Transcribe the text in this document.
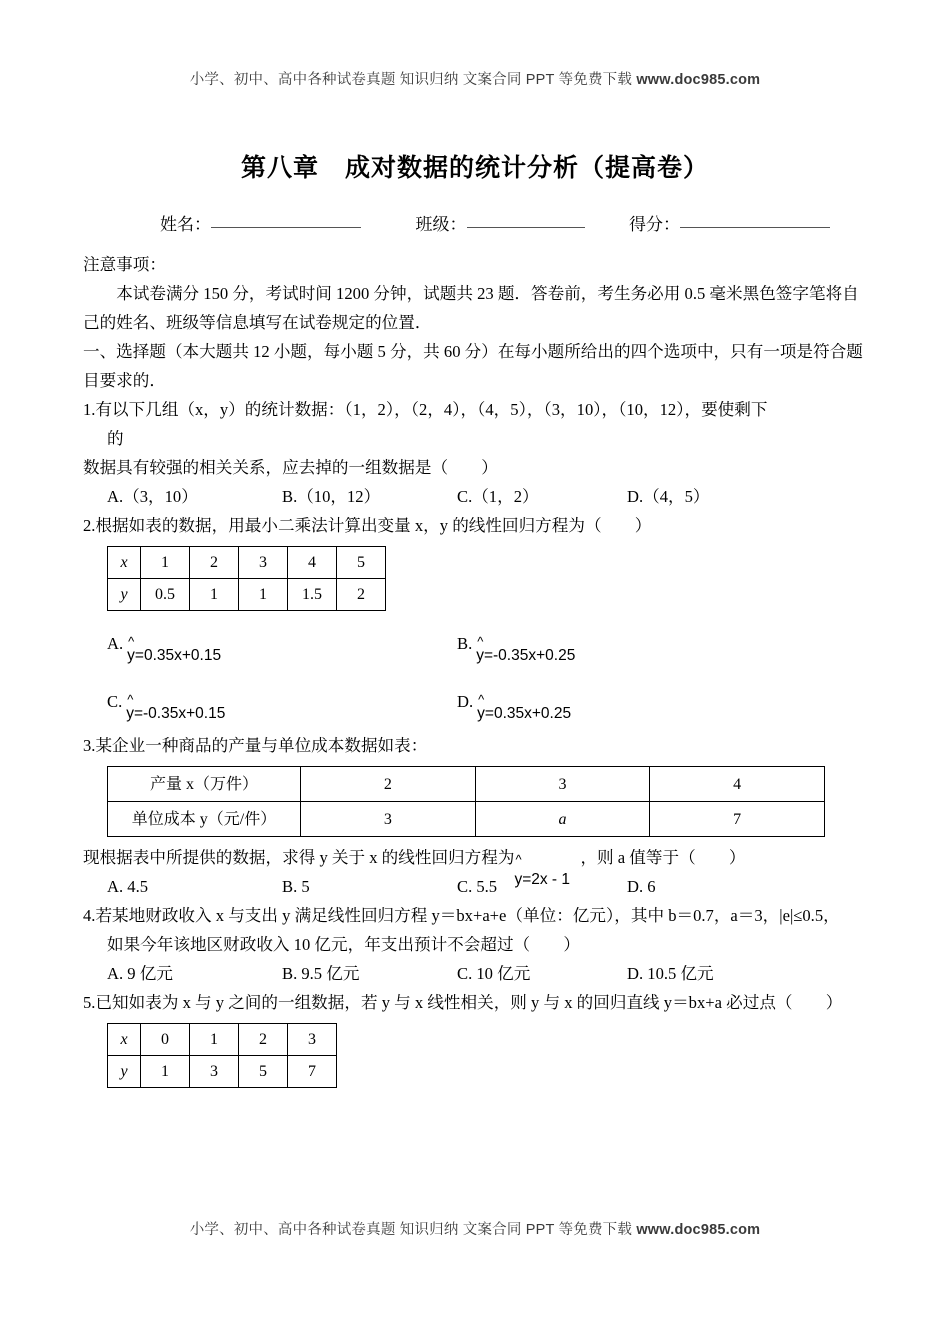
小学、初中、高中各种试卷真题 知识归纳 文案合同 PPT 等免费下载 www.doc985.com
第八章　成对数据的统计分析（提高卷）
姓名：	班级：	得分：

注意事项：

本试卷满分 150 分，考试时间 1200 分钟，试题共 23 题．答卷前，考生务必用 0.5 毫米黑色签字笔将自己的姓名、班级等信息填写在试卷规定的位置．

一、选择题（本大题共 12 小题，每小题 5 分，共 60 分）在每小题所给出的四个选项中，只有一项是符合题目要求的．

1.有以下几组（x，y）的统计数据：（1，2），（2，4），（4，5），（3，10），（10，12），要使剩下

的

数据具有较强的相关关系，应去掉的一组数据是（　　）

A.（3，10）	B.（10，12）	C.（1，2）	D.（4，5）

2.根据如表的数据，用最小二乘法计算出变量 x，y 的线性回归方程为（　　）

x	1	2	3	4	5
y	0.5	1	1	1.5	2
A. ^
y=0.35x+0.15B. ^
y=-0.35x+0.25
C. ^
y=-0.35x+0.15D. ^
y=0.35x+0.25

3.某企业一种商品的产量与单位成本数据如表：

产量 x（万件）	2	3	4
单位成本 y（元/件）	3	a	7

现根据表中所提供的数据，求得 y 关于 x 的线性回归方程为 ^
y=2x - 1
，则 a 值等于（　　）

A. 4.5	B. 5	C. 5.5	D. 6

4.若某地财政收入 x 与支出 y 满足线性回归方程 y＝bx+a+e（单位：亿元），其中 b＝0.7，a＝3，|e|≤0.5，

如果今年该地区财政收入 10 亿元，年支出预计不会超过（　　）

A. 9 亿元	B. 9.5 亿元	C. 10 亿元	D. 10.5 亿元

5.已知如表为 x 与 y 之间的一组数据，若 y 与 x 线性相关，则 y 与 x 的回归直线 y＝bx+a 必过点（　　）

x	0	1	2	3
y	1	3	5	7
小学、初中、高中各种试卷真题 知识归纳 文案合同 PPT 等免费下载 www.doc985.com
